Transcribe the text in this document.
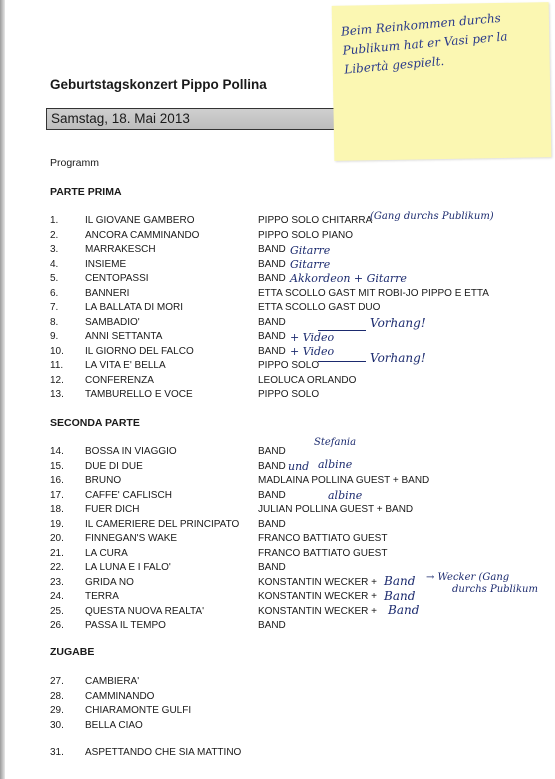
Geburtstagskonzert Pippo Pollina
Samstag, 18. Mai 2013
Beim Reinkommen durchs Publikum hat er Vasi per la Libertà gespielt.
Programm
PARTE PRIMA
1.	IL GIOVANE GAMBERO	PIPPO SOLO CHITARRA
2.	ANCORA CAMMINANDO	PIPPO SOLO PIANO
3.	MARRAKESCH	BAND
4.	INSIEME	BAND
5.	CENTOPASSI	BAND
6.	BANNERI	ETTA SCOLLO GAST MIT ROBI-JO PIPPO E ETTA
7.	LA BALLATA DI MORI	ETTA SCOLLO GAST DUO
8.	SAMBADIO'	BAND
9.	ANNI SETTANTA	BAND
10. IL GIORNO DEL FALCO	BAND
11. LA VITA E' BELLA	PIPPO SOLO
12. CONFERENZA	LEOLUCA ORLANDO
13. TAMBURELLO E VOCE	PIPPO SOLO
SECONDA PARTE
14. BOSSA IN VIAGGIO	BAND
15. DUE DI DUE	BAND
16. BRUNO	MADLAINA POLLINA GUEST + BAND
17. CAFFE' CAFLISCH	BAND
18. FUER DICH	JULIAN POLLINA GUEST + BAND
19. IL CAMERIERE DEL PRINCIPATO BAND
20. FINNEGAN'S WAKE	FRANCO BATTIATO GUEST
21. LA CURA	FRANCO BATTIATO GUEST
22. LA LUNA E I FALO'	BAND
23. GRIDA NO	KONSTANTIN WECKER +
24. TERRA	KONSTANTIN WECKER +
25. QUESTA NUOVA REALTA'	KONSTANTIN WECKER +
26. PASSA IL TEMPO	BAND
ZUGABE
27. CAMBIERA'
28. CAMMINANDO
29. CHIARAMONTE GULFI
30. BELLA CIAO
31. ASPETTANDO CHE SIA MATTINO
(Gang durchs Publikum)
Gitarre
Gitarre
Akkordeon + Gitarre
Vorhang!
+ Video
+ Video	Vorhang!
Stefania
und albine
albine
Band → Wecker (Gang
durchs Publikum
Band
Band
